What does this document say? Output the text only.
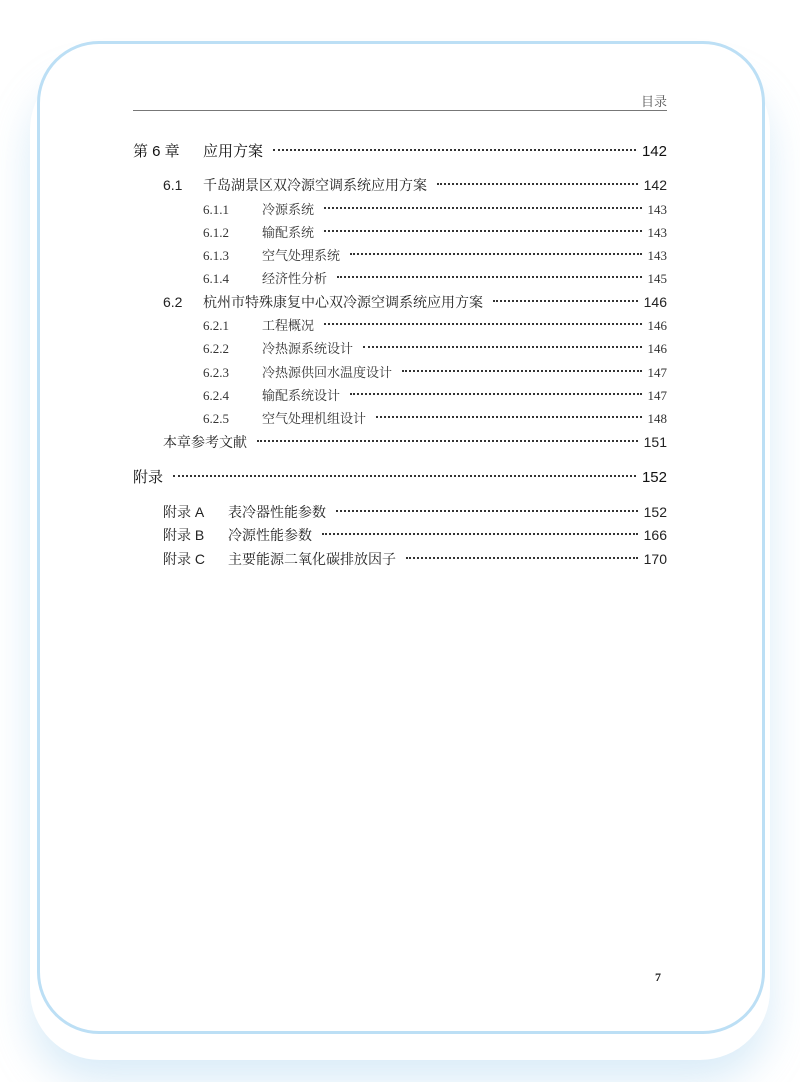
目录
第 6 章	应用方案	142
6.1	千岛湖景区双冷源空调系统应用方案	142
6.1.1	冷源系统	143
6.1.2	输配系统	143
6.1.3	空气处理系统	143
6.1.4	经济性分析	145
6.2	杭州市特殊康复中心双冷源空调系统应用方案	146
6.2.1	工程概况	146
6.2.2	冷热源系统设计	146
6.2.3	冷热源供回水温度设计	147
6.2.4	输配系统设计	147
6.2.5	空气处理机组设计	148
本章参考文献	151
附录	152
附录 A	表冷器性能参数	152
附录 B	冷源性能参数	166
附录 C	主要能源二氧化碳排放因子	170
7
